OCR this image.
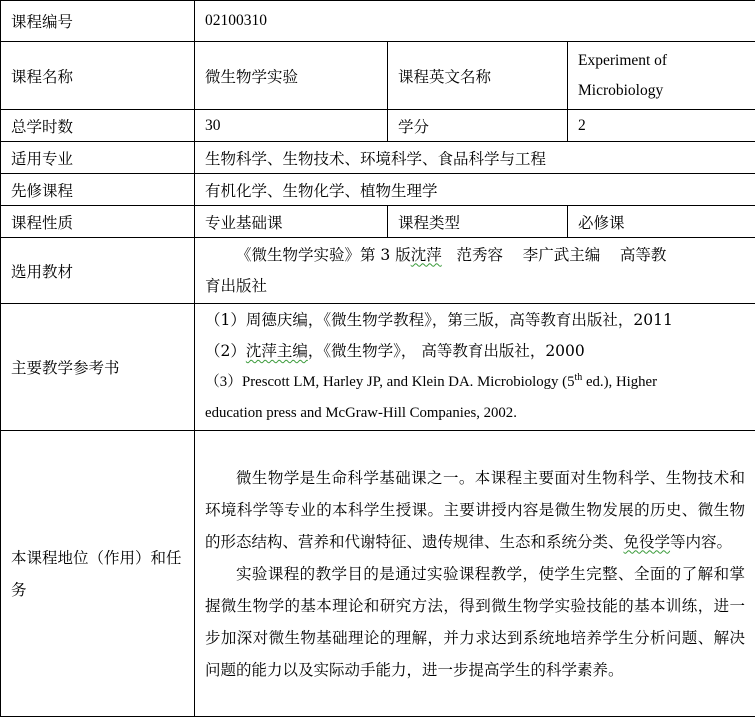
课程编号	02100310		
课程名称	微生物学实验	课程英文名称	Experiment of
Microbiology
总学时数	30	学分	2
适用专业	生物科学、生物技术、环境科学、食品科学与工程		
先修课程	有机化学、生物化学、植物生理学		
课程性质	专业基础课	课程类型	必修课
选用教材	《微生物学实验》第 3 版沈萍   范秀容    李广武主编    高等教
育出版社		

主要教学参考书	（1）周德庆编，《微生物学教程》，第三版，高等教育出版社，2011

（2）沈萍主编，《微生物学》， 高等教育出版社，2000

（3）Prescott LM, Harley JP, and Klein DA. Microbiology (5th ed.), Higher

education press and McGraw-Hill Companies, 2002.		

本课程地位（作用）和任务	微生物学是生命科学基础课之一。本课程主要面对生物科学、生物技术和环境科学等专业的本科学生授课。主要讲授内容是微生物发展的历史、微生物的形态结构、营养和代谢特征、遗传规律、生态和系统分类、免役学等内容。

实验课程的教学目的是通过实验课程教学，使学生完整、全面的了解和掌握微生物学的基本理论和研究方法，得到微生物学实验技能的基本训练，进一步加深对微生物基础理论的理解，并力求达到系统地培养学生分析问题、解决问题的能力以及实际动手能力，进一步提高学生的科学素养。		
